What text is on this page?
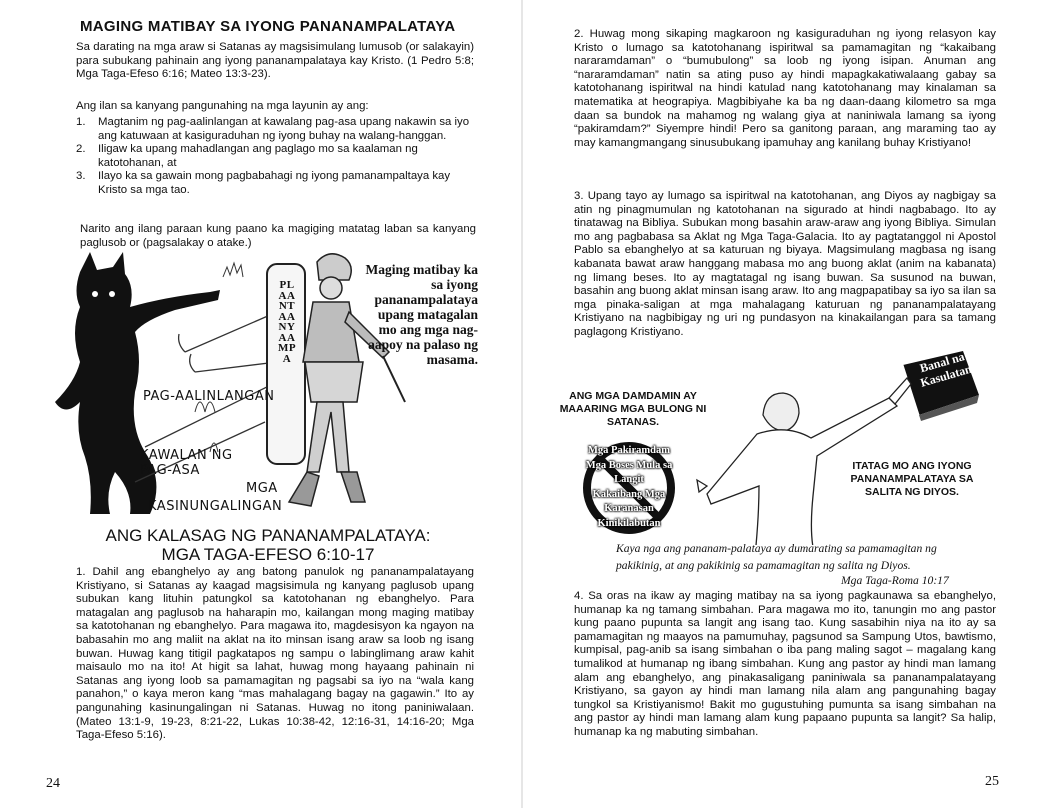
MAGING MATIBAY SA IYONG PANANAMPALATAYA
Sa darating na mga araw si Satanas ay magsisimulang lumusob (or salakayin) para subukang pahinain ang iyong pananampalataya kay Kristo. (1 Pedro 5:8; Mga Taga-Efeso 6:16; Mateo 13:3-23).
Ang ilan sa kanyang pangunahing na mga layunin ay ang:
1.	Magtanim ng pag-aalinlangan at kawalang pag-asa upang nakawin sa iyo ang katuwaan at kasiguraduhan ng iyong buhay na walang-hanggan.
2.	Iligaw ka upang mahadlangan ang paglago mo sa kaalaman ng katotohanan, at
3.	Ilayo ka sa gawain mong pagbabahagi ng iyong pamanampaltaya kay Kristo sa mga tao.
Narito ang ilang paraan kung paano ka magiging matatag laban sa kanyang paglusob or (pagsalakay o atake.)
PLAANTAANYAAMPA
Maging matibay ka sa iyong pananampalataya upang matagalan mo ang mga nag-aapoy na palaso ng masama.
PAG-AALINLANGAN
KAWALAN NG PAG-ASA
KASINUNGALINGAN
MGA
ANG KALASAG NG PANANAMPALATAYA:
MGA TAGA-EFESO 6:10-17
1. Dahil ang ebanghelyo ay ang batong panulok ng pananampalatayang Kristiyano, si Satanas ay kaagad magsisimula ng kanyang paglusob upang subukan kang lituhin patungkol sa katotohanan ng ebanghelyo. Para matagalan ang paglusob na haharapin mo, kailangan mong maging matibay sa katotohanan ng ebanghelyo. Para magawa ito, magdesisyon ka ngayon na babasahin mo ang maliit na aklat na ito minsan isang araw sa loob ng isang buwan. Huwag kang titigil pagkatapos ng sampu o labinglimang araw kahit maisaulo mo na ito! At higit sa lahat, huwag mong hayaang pahinain ni Satanas ang iyong loob sa pamamagitan ng pagsabi sa iyo na “wala kang panahon,” o kaya meron kang “mas mahalagang bagay na gagawin.” Ito ay pangunahing kasinungalingan ni Satanas. Huwag no itong paniniwalaan. (Mateo 13:1-9, 19-23, 8:21-22, Lukas 10:38-42, 12:16-31, 14:16-20; Mga Taga-Efeso 5:16).
24
2. Huwag mong sikaping magkaroon ng kasiguraduhan ng iyong relasyon kay Kristo o lumago sa katotohanang ispiritwal sa pamamagitan ng “kakaibang nararamdaman” o “bumubulong” sa loob ng iyong isipan. Anuman ang “nararamdaman” natin sa ating puso ay hindi mapagkakatiwalaang gabay sa katotohanang ispiritwal na hindi katulad nang katotohanang may kinalaman sa matematika at heograpiya. Magbibiyahe ka ba ng daan-daang kilometro sa mga daan sa bundok na mahamog ng walang giya at naniniwala lamang sa iyong “pakiramdam?” Siyempre hindi! Pero sa ganitong paraan, ang maraming tao ay may kamangmangang sinusubukang ipamuhay ang kanilang buhay Kristiyano!
3. Upang tayo ay lumago sa ispiritwal na katotohanan, ang Diyos ay nagbigay sa atin ng pinagmumulan ng katotohanan na sigurado at hindi nagbabago. Ito ay tinatawag na Bibliya. Subukan mong basahin araw-araw ang iyong Bibliya. Simulan mo ang pagbabasa sa Aklat ng Mga Taga-Galacia. Ito ay pagtatanggol ni Apostol Pablo sa ebanghelyo at sa katuruan ng biyaya. Magsimulang magbasa ng isang kabanata bawat araw hanggang mabasa mo ang buong aklat (anim na kabanata) ng limang beses. Ito ay magtatagal ng isang buwan. Sa susunod na buwan, basahin ang buong aklat minsan isang araw. Ito ang magpapatibay sa iyo sa ilan sa mga pinaka-saligan at mga mahalagang katuruan ng pananampalatayang Kristiyano na nagbibigay ng uri ng pundasyon na kinakailangan para sa tamang paglagong Kristiyano.
Banal na Kasulatan
ANG MGA DAMDAMIN AY MAAARING MGA BULONG NI SATANAS.
Mga Pakiramdam
Mga Boses Mula sa Langit
Kakaibang Mga Karanasan
Kinikilabutan
ITATAG MO ANG IYONG PANANAMPALATAYA SA SALITA NG DIYOS.
Kaya nga ang pananam-palataya ay dumarating sa pamamagitan ng pakikinig, at ang pakikinig sa pamamagitan ng salita ng Diyos.
Mga Taga-Roma 10:17
4. Sa oras na ikaw ay maging matibay na sa iyong pagkaunawa sa ebanghelyo, humanap ka ng tamang simbahan. Para magawa mo ito, tanungin mo ang pastor kung paano pupunta sa langit ang isang tao. Kung sasabihin niya na ito ay sa pamamagitan ng maayos na pamumuhay, pagsunod sa Sampung Utos, bawtismo, kumpisal, pag-anib sa isang simbahan o iba pang maling sagot – magalang kang tumalikod at humanap ng ibang simbahan. Kung ang pastor ay hindi man lamang alam ang ebanghelyo, ang pinakasaligang paniniwala sa pananampalatayang Kristiyano, sa gayon ay hindi man lamang nila alam ang pangunahing bagay tungkol sa Kristiyanismo! Bakit mo gugustuhing pumunta sa isang simbahan na ang pastor ay hindi man lamang alam kung papaano pupunta sa langit? Sa halip, humanap ka ng mabuting simbahan.
25
